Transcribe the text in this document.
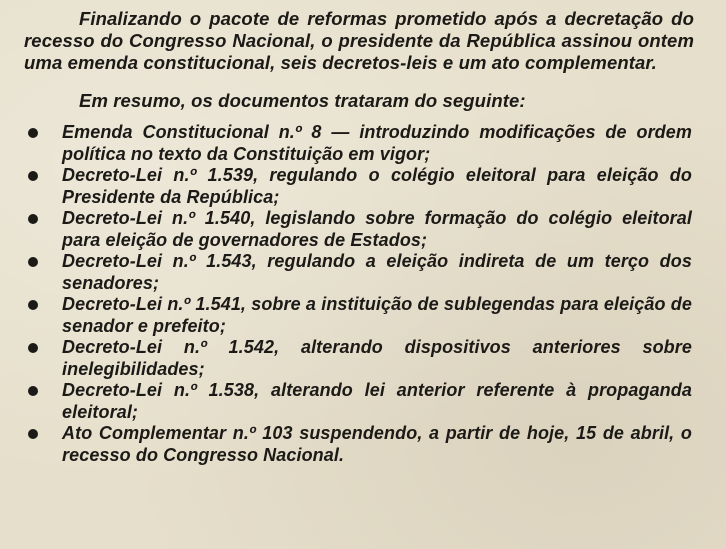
Finalizando o pacote de reformas prometido após a decretação do recesso do Congresso Nacional, o presidente da República assinou ontem uma emenda constitucional, seis decretos-leis e um ato complementar.

Em resumo, os documentos trataram do seguinte:

Emenda Constitucional n.º 8 — introduzindo modificações de ordem política no texto da Constituição em vigor;
Decreto-Lei n.º 1.539, regulando o colégio eleitoral para eleição do Presidente da República;
Decreto-Lei n.º 1.540, legislando sobre formação do colégio eleitoral para eleição de governadores de Estados;
Decreto-Lei n.º 1.543, regulando a eleição indireta de um terço dos senadores;
Decreto-Lei n.º 1.541, sobre a instituição de sublegendas para eleição de senador e prefeito;
Decreto-Lei n.º 1.542, alterando dispositivos anteriores sobre inelegibilidades;
Decreto-Lei n.º 1.538, alterando lei anterior referente à propaganda eleitoral;
Ato Complementar n.º 103 suspendendo, a partir de hoje, 15 de abril, o recesso do Congresso Nacional.
